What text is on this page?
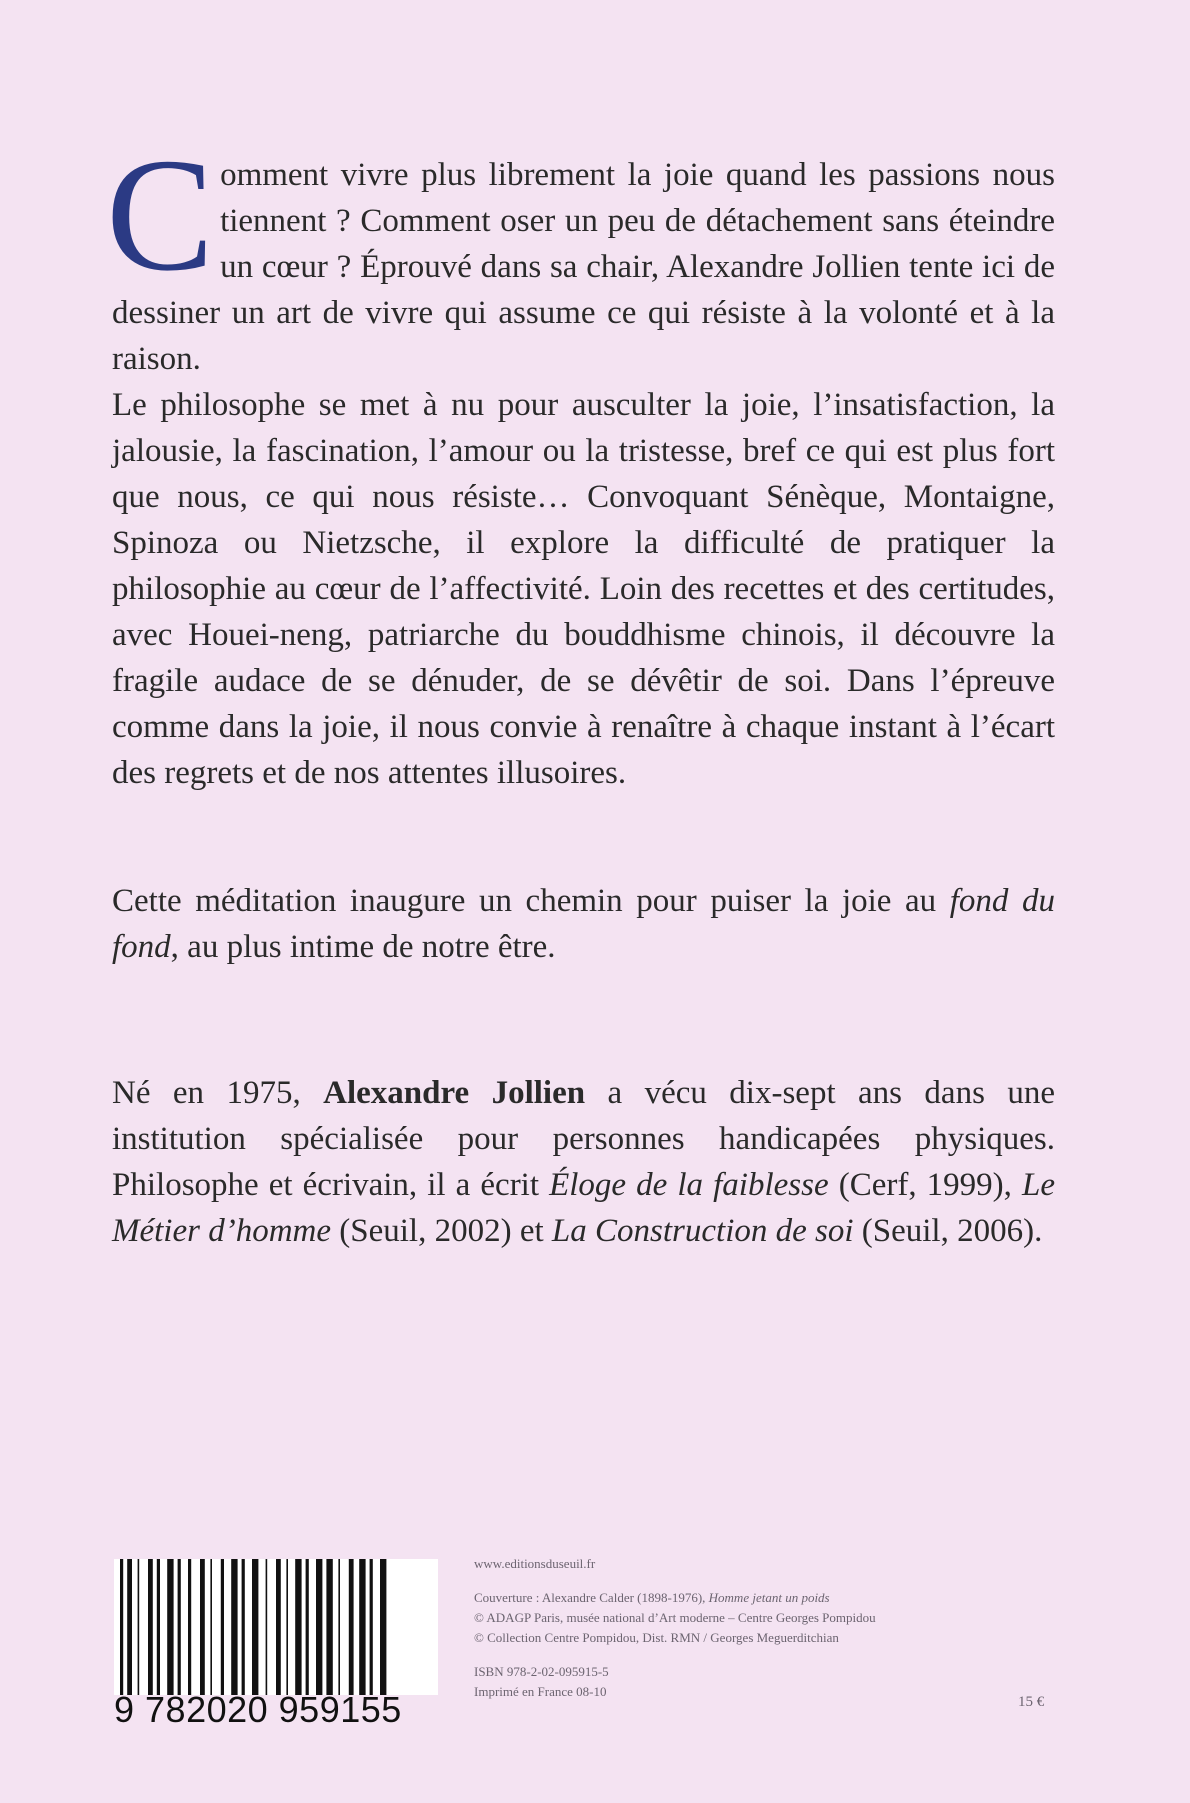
Comment vivre plus librement la joie quand les passions nous tiennent ? Comment oser un peu de détachement sans éteindre un cœur ? Éprouvé dans sa chair, Alexandre Jollien tente ici de dessiner un art de vivre qui assume ce qui résiste à la volonté et à la raison.

Le philosophe se met à nu pour ausculter la joie, l’insatisfaction, la jalousie, la fascination, l’amour ou la tristesse, bref ce qui est plus fort que nous, ce qui nous résiste… Convoquant Sénèque, Montaigne, Spinoza ou Nietzsche, il explore la difficulté de pratiquer la philosophie au cœur de l’affectivité. Loin des recettes et des certitudes, avec Houei-neng, patriarche du bouddhisme chinois, il découvre la fragile audace de se dénuder, de se dévêtir de soi. Dans l’épreuve comme dans la joie, il nous convie à renaître à chaque instant à l’écart des regrets et de nos attentes illusoires.

Cette méditation inaugure un chemin pour puiser la joie au fond du fond, au plus intime de notre être.

Né en 1975, Alexandre Jollien a vécu dix-sept ans dans une institution spécialisée pour personnes handicapées physiques. Philosophe et écrivain, il a écrit Éloge de la faiblesse (Cerf, 1999), Le Métier d’homme (Seuil, 2002) et La Construction de soi (Seuil, 2006).

9 782020 959155
www.editionsduseuil.fr
Couverture : Alexandre Calder (1898-1976), Homme jetant un poids
© ADAGP Paris, musée national d’Art moderne – Centre Georges Pompidou
© Collection Centre Pompidou, Dist. RMN / Georges Meguerditchian
ISBN 978-2-02-095915-5
Imprimé en France 08-10
15 €
